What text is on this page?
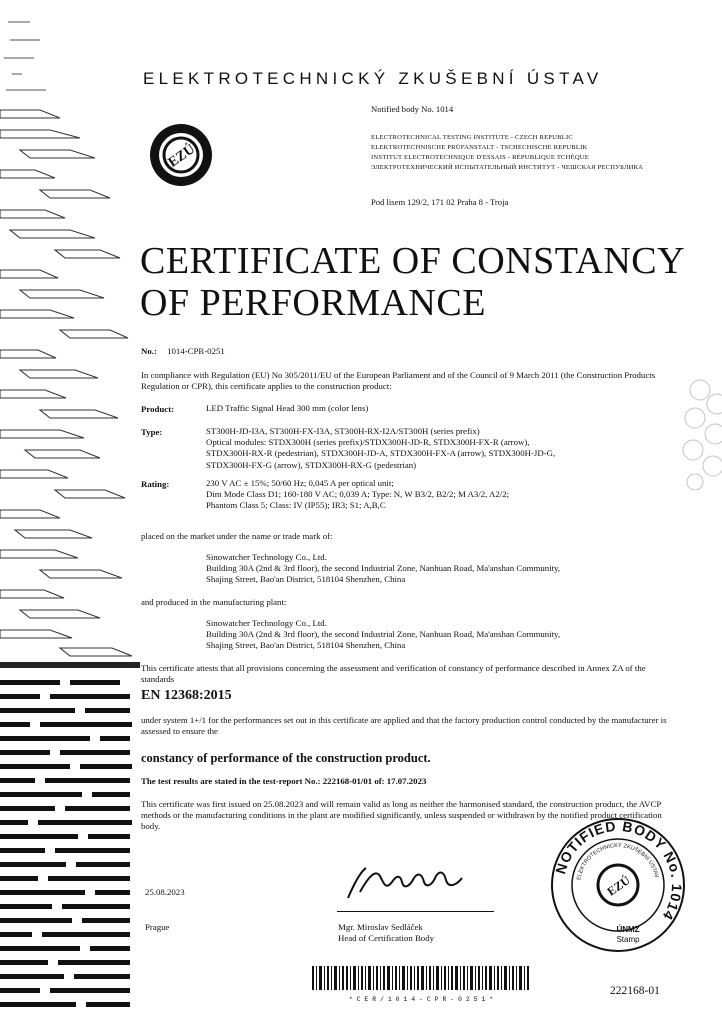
ELEKTROTECHNICKÝ ZKUŠEBNÍ ÚSTAV
EZÚ
Notified body No. 1014
ELECTROTECHNICAL TESTING INSTITUTE - CZECH REPUBLIC
ELEKTROTECHNISCHE PRÜFANSTALT - TSCHECHISCHE REPUBLIK
INSTITUT ELECTROTECHNIQUE D'ESSAIS - RÉPUBLIQUE TCHÈQUE
ЭЛЕКТРОТЕХНИЧЕСКИЙ ИСПЫТАТЕЛЬНЫЙ ИНСТИТУТ - ЧЕШСКАЯ РЕСПУБЛИКА
Pod lisem 129/2, 171 02 Praha 8 - Troja
CERTIFICATE OF CONSTANCY
OF PERFORMANCE
No.: 1014-CPR-0251
In compliance with Regulation (EU) No 305/2011/EU of the European Parliament and of the Council of 9 March 2011 (the Construction Products Regulation or CPR), this certificate applies to the construction product:
Product:	LED Traffic Signal Head 300 mm (color lens)
Type:	ST300H-JD-I3A, ST300H-FX-I3A, ST300H-RX-I2A/ST300H (series prefix)
Optical modules: STDX300H (series prefix)/STDX300H-JD-R, STDX300H-FX-R (arrow),
STDX300H-RX-R (pedestrian), STDX300H-JD-A, STDX300H-FX-A (arrow), STDX300H-JD-G,
STDX300H-FX-G (arrow), STDX300H-RX-G (pedestrian)
Rating:	230 V AC ± 15%; 50/60 Hz; 0,045 A per optical unit;
Dim Mode Class D1; 160-180 V AC; 0,039 A; Type: N, W B3/2, B2/2; M A3/2, A2/2;
Phantom Class 5; Class: IV (IP55); IR3; S1; A,B,C
placed on the market under the name or trade mark of:
Sinowatcher Technology Co., Ltd.
Building 30A (2nd & 3rd floor), the second Industrial Zone, Nanhuan Road, Ma'anshan Community,
Shajing Street, Bao'an District, 518104 Shenzhen, China
and produced in the manufacturing plant:
Sinowatcher Technology Co., Ltd.
Building 30A (2nd & 3rd floor), the second Industrial Zone, Nanhuan Road, Ma'anshan Community,
Shajing Street, Bao'an District, 518104 Shenzhen, China
This certificate attests that all provisions concerning the assessment and verification of constancy of performance described in Annex ZA of the standards
EN 12368:2015
under system 1+/1 for the performances set out in this certificate are applied and that the factory production control conducted by the manufacturer is assessed to ensure the
constancy of performance of the construction product.
The test results are stated in the test-report No.: 222168-01/01 of: 17.07.2023
This certificate was first issued on 25.08.2023 and will remain valid as long as neither the harmonised standard, the construction product, the AVCP methods or the manufacturing conditions in the plant are modified significantly, unless suspended or withdrawn by the notified product certification body.
25.08.2023
Prague	Mgr. Miroslav Sedláček
Head of Certification Body
NOTIFIED BODY No. 1014
ELEKTROTECHNICKÝ ZKUŠEBNÍ ÚSTAV
EZÚ
ÚNMZ
Stamp
* C E R / 1 0 1 4 - C P R - 0 2 5 1 *
222168-01
